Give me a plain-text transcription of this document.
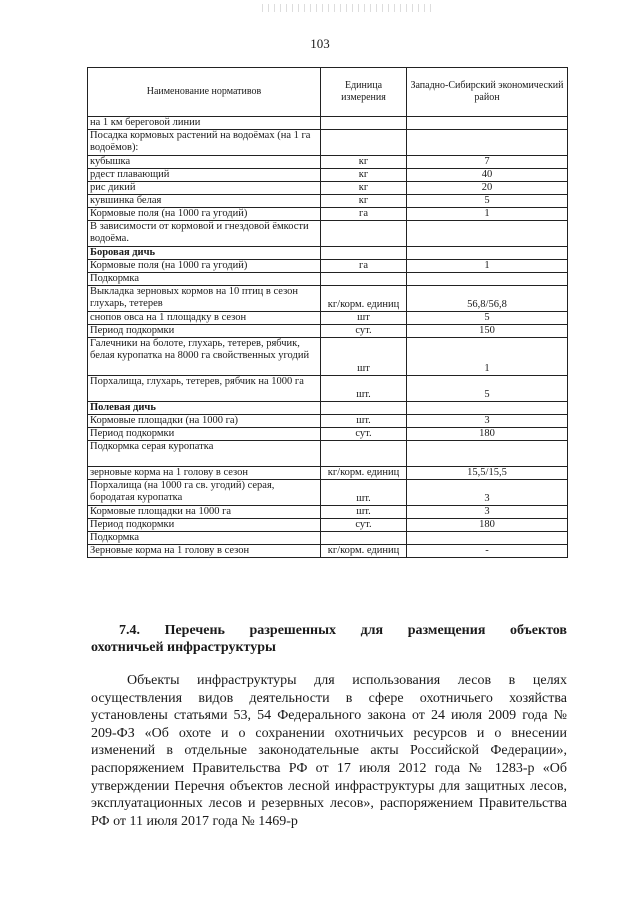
103
Наименование нормативов	Единица измерения	Западно-Сибирский экономический район
на 1 км береговой линии		
Посадка кормовых растений на водоёмах (на 1 га водоёмов):		
кубышка	кг	7
рдест плавающий	кг	40
рис дикий	кг	20
кувшинка белая	кг	5
Кормовые поля (на 1000 га угодий)	га	1
В зависимости от кормовой и гнездовой ёмкости водоёма.		
Боровая дичь		
Кормовые поля (на 1000 га угодий)	га	1
Подкормка		
Выкладка зерновых кормов на 10 птиц в сезон глухарь, тетерев	кг/корм. единиц	56,8/56,8
снопов овса на 1 площадку в сезон	шт	5
Период подкормки	сут.	150
Галечники на болоте, глухарь, тетерев, рябчик, белая куропатка на 8000 га свойственных угодий	шт	1
Порхалища, глухарь, тетерев, рябчик на 1000 га	шт.	5
Полевая дичь		
Кормовые площадки (на 1000 га)	шт.	3
Период подкормки	сут.	180
Подкормка серая куропатка		
зерновые корма на 1 голову в сезон	кг/корм. единиц	15,5/15,5
Порхалища (на 1000 га св. угодий) серая, бородатая куропатка	шт.	3
Кормовые площадки на 1000 га	шт.	3
Период подкормки	сут.	180
Подкормка		
Зерновые корма на 1 голову в сезон	кг/корм. единиц	-
7.4. Перечень разрешенных для размещения объектов
охотничьей инфраструктуры

Объекты инфраструктуры для использования лесов в целях осуществления видов деятельности в сфере охотничьего хозяйства установлены статьями 53, 54 Федерального закона от 24 июля 2009 года № 209-ФЗ «Об охоте и о сохранении охотничьих ресурсов и о внесении изменений в отдельные законодательные акты Российской Федерации», распоряжением Правительства РФ от 17 июля 2012 года № 1283-р «Об утверждении Перечня объектов лесной инфраструктуры для защитных лесов, эксплуатационных лесов и резервных лесов», распоряжением Правительства РФ от 11 июля 2017 года № 1469-р
